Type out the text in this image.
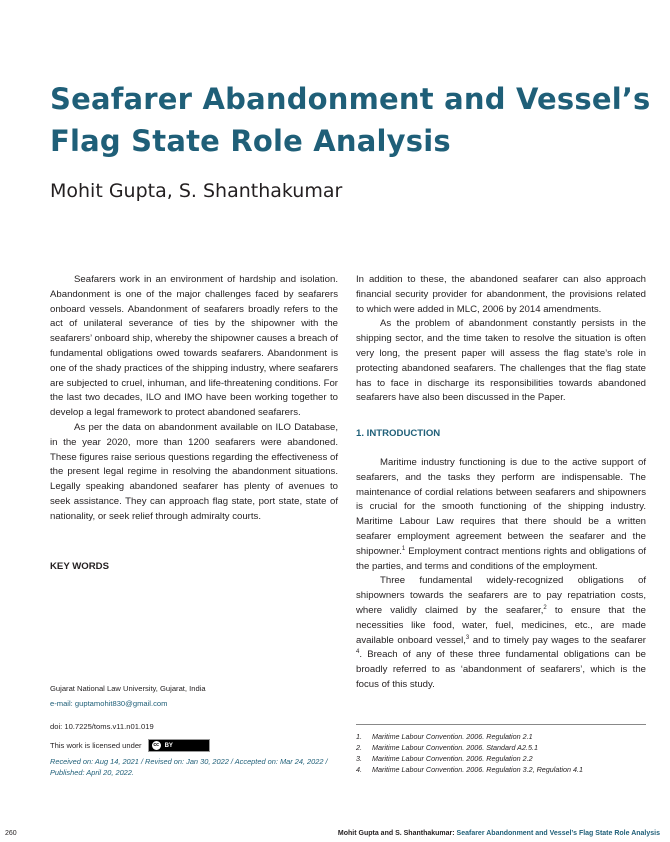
Seafarer Abandonment and Vessel’s
Flag State Role Analysis
Mohit Gupta, S. Shanthakumar

Seafarers work in an environment of hardship and isolation. Abandonment is one of the major challenges faced by seafarers onboard vessels. Abandonment of seafarers broadly refers to the act of unilateral severance of ties by the shipowner with the seafarers’ onboard ship, whereby the shipowner causes a breach of fundamental obligations owed towards seafarers. Abandonment is one of the shady practices of the shipping industry, where seafarers are subjected to cruel, inhuman, and life-threatening conditions. For the last two decades, ILO and IMO have been working together to develop a legal framework to protect abandoned seafarers.

As per the data on abandonment available on ILO Database, in the year 2020, more than 1200 seafarers were abandoned. These figures raise serious questions regarding the effectiveness of the present legal regime in resolving the abandonment situations. Legally speaking abandoned seafarer has plenty of avenues to seek assistance. They can approach flag state, port state, state of nationality, or seek relief through admiralty courts.

In addition to these, the abandoned seafarer can also approach financial security provider for abandonment, the provisions related to which were added in MLC, 2006 by 2014 amendments.

As the problem of abandonment constantly persists in the shipping sector, and the time taken to resolve the situation is often very long, the present paper will assess the flag state’s role in protecting abandoned seafarers. The challenges that the flag state has to face in discharge its responsibilities towards abandoned seafarers have also been discussed in the Paper.

KEY WORDS
1. INTRODUCTION

Maritime industry functioning is due to the active support of seafarers, and the tasks they perform are indispensable. The maintenance of cordial relations between seafarers and shipowners is crucial for the smooth functioning of the shipping industry. Maritime Labour Law requires that there should be a written seafarer employment agreement between the seafarer and the shipowner.$^1$ Employment contract mentions rights and obligations of the parties, and terms and conditions of the employment.

Three fundamental widely-recognized obligations of shipowners towards the seafarers are to pay repatriation costs, where validly claimed by the seafarer,$^2$ to ensure that the necessities like food, water, fuel, medicines, etc., are made available onboard vessel,$^3$ and to timely pay wages to the seafarer $^4$. Breach of any of these three fundamental obligations can be broadly referred to as ‘abandonment of seafarers’, which is the focus of this study.

Gujarat National Law University, Gujarat, India
e-mail: guptamohit830@gmail.com
doi: 10.7225/toms.v11.n01.019
This work is licensed under	cc BY
Received on: Aug 14, 2021 / Revised on: Jan 30, 2022 / Accepted on: Mar 24, 2022 / Published: April 20, 2022.
1. Maritime Labour Convention. 2006. Regulation 2.1
2. Maritime Labour Convention. 2006. Standard A2.5.1
3. Maritime Labour Convention. 2006. Regulation 2.2
4. Maritime Labour Convention. 2006. Regulation 3.2, Regulation 4.1
260	Mohit Gupta and S. Shanthakumar: Seafarer Abandonment and Vessel’s Flag State Role Analysis
